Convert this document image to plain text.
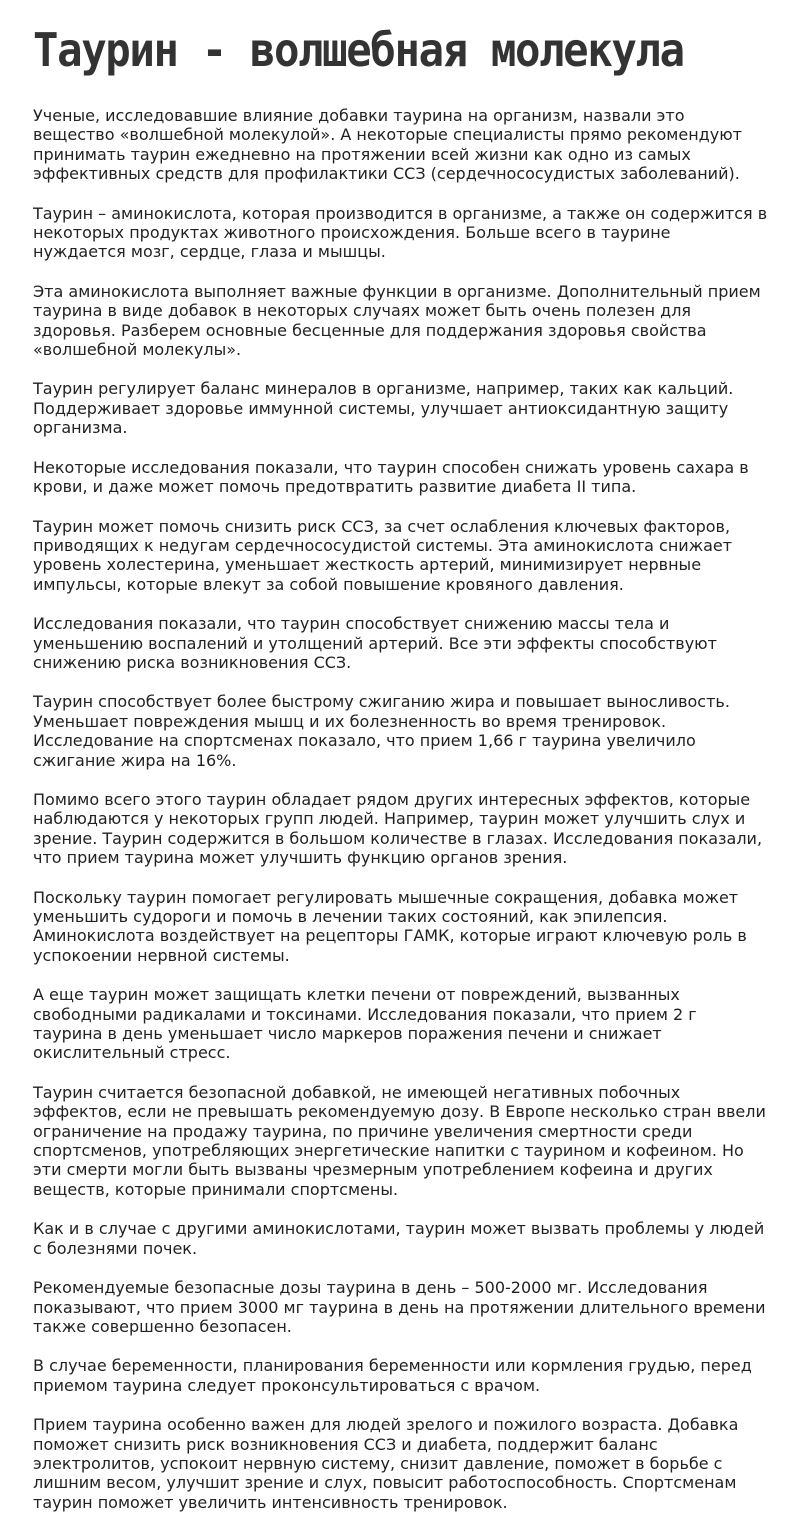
Таурин - волшебная молекула

Ученые, исследовавшие влияние добавки таурина на организм, назвали это вещество «волшебной молекулой». А некоторые специалисты прямо рекомендуют принимать таурин ежедневно на протяжении всей жизни как одно из самых эффективных средств для профилактики ССЗ (сердечнососудистых заболеваний).

Таурин – аминокислота, которая производится в организме, а также он содержится в некоторых продуктах животного происхождения. Больше всего в таурине нуждается мозг, сердце, глаза и мышцы.

Эта аминокислота выполняет важные функции в организме. Дополнительный прием таурина в виде добавок в некоторых случаях может быть очень полезен для здоровья. Разберем основные бесценные для поддержания здоровья свойства «волшебной молекулы».

Таурин регулирует баланс минералов в организме, например, таких как кальций. Поддерживает здоровье иммунной системы, улучшает антиоксидантную защиту организма.

Некоторые исследования показали, что таурин способен снижать уровень сахара в крови, и даже может помочь предотвратить развитие диабета II типа.

Таурин может помочь снизить риск ССЗ, за счет ослабления ключевых факторов, приводящих к недугам сердечнососудистой системы. Эта аминокислота снижает уровень холестерина, уменьшает жесткость артерий, минимизирует нервные импульсы, которые влекут за собой повышение кровяного давления.

Исследования показали, что таурин способствует снижению массы тела и уменьшению воспалений и утолщений артерий. Все эти эффекты способствуют снижению риска возникновения ССЗ.

Таурин способствует более быстрому сжиганию жира и повышает выносливость. Уменьшает повреждения мышц и их болезненность во время тренировок. Исследование на спортсменах показало, что прием 1,66 г таурина увеличило сжигание жира на 16%.

Помимо всего этого таурин обладает рядом других интересных эффектов, которые наблюдаются у некоторых групп людей. Например, таурин может улучшить слух и зрение. Таурин содержится в большом количестве в глазах. Исследования показали, что прием таурина может улучшить функцию органов зрения.

Поскольку таурин помогает регулировать мышечные сокращения, добавка может уменьшить судороги и помочь в лечении таких состояний, как эпилепсия. Аминокислота воздействует на рецепторы ГАМК, которые играют ключевую роль в успокоении нервной системы.

А еще таурин может защищать клетки печени от повреждений, вызванных свободными радикалами и токсинами. Исследования показали, что прием 2 г таурина в день уменьшает число маркеров поражения печени и снижает окислительный стресс.

Таурин считается безопасной добавкой, не имеющей негативных побочных эффектов, если не превышать рекомендуемую дозу. В Европе несколько стран ввели ограничение на продажу таурина, по причине увеличения смертности среди спортсменов, употребляющих энергетические напитки с таурином и кофеином. Но эти смерти могли быть вызваны чрезмерным употреблением кофеина и других веществ, которые принимали спортсмены.

Как и в случае с другими аминокислотами, таурин может вызвать проблемы у людей с болезнями почек.

Рекомендуемые безопасные дозы таурина в день – 500-2000 мг. Исследования показывают, что прием 3000 мг таурина в день на протяжении длительного времени также совершенно безопасен.

В случае беременности, планирования беременности или кормления грудью, перед приемом таурина следует проконсультироваться с врачом.

Прием таурина особенно важен для людей зрелого и пожилого возраста. Добавка поможет снизить риск возникновения ССЗ и диабета, поддержит баланс электролитов, успокоит нервную систему, снизит давление, поможет в борьбе с лишним весом, улучшит зрение и слух, повысит работоспособность. Спортсменам таурин поможет увеличить интенсивность тренировок.
